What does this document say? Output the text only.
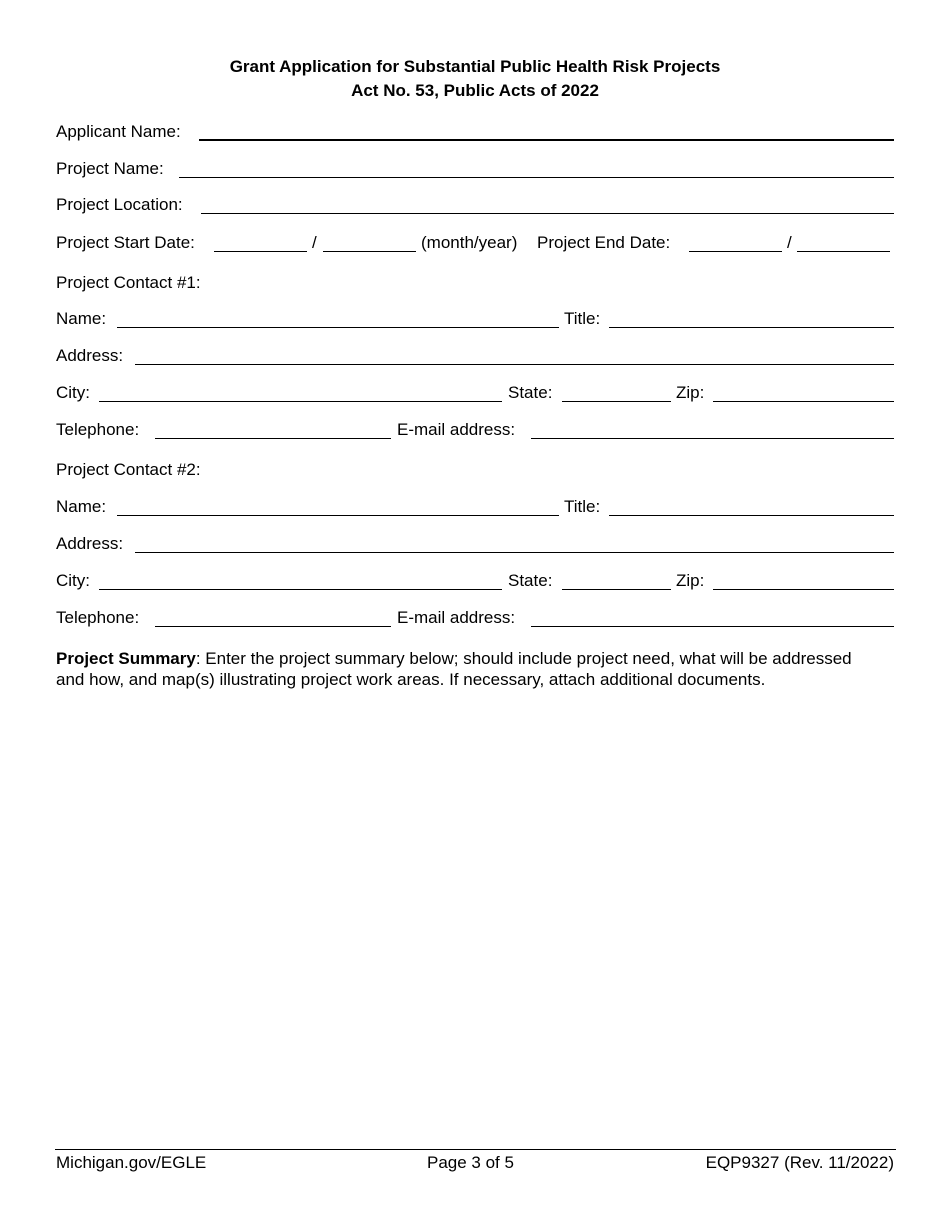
Grant Application for Substantial Public Health Risk Projects
Act No. 53, Public Acts of 2022
Applicant Name:
Project Name:
Project Location:
Project Start Date:	/	(month/year) Project End Date:	/
Project Contact #1:
Name:	Title:
Address:
City:	State:	Zip:
Telephone:	E-mail address:
Project Contact #2:
Name:	Title:
Address:
City:	State:	Zip:
Telephone:	E-mail address:
Project Summary: Enter the project summary below; should include project need, what will be addressed and how, and map(s) illustrating project work areas. If necessary, attach additional documents.
Michigan.gov/EGLE	Page 3 of 5	EQP9327 (Rev. 11/2022)
